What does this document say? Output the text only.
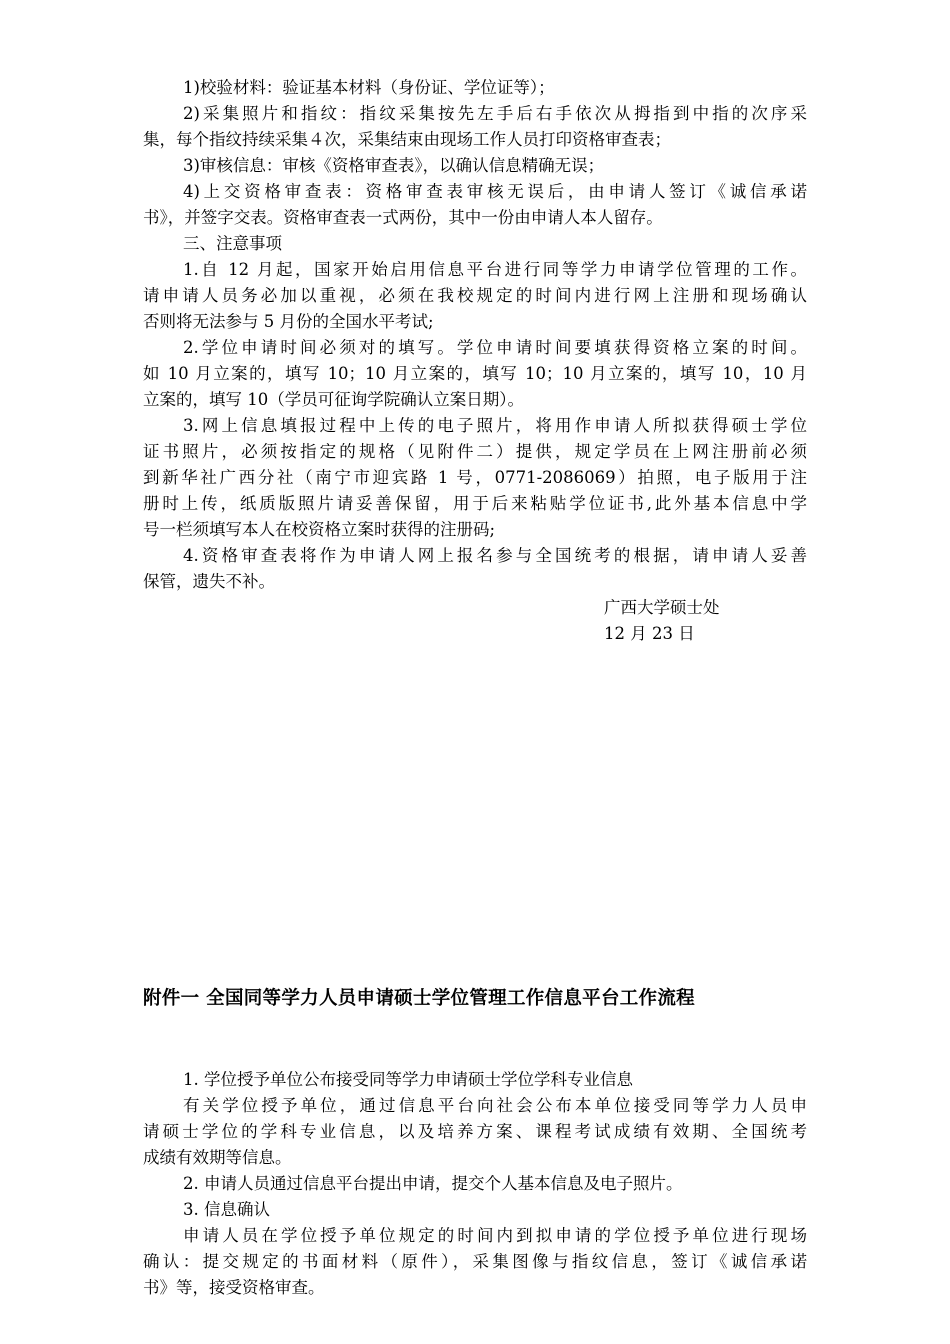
1)校验材料：验证基本材料（身份证、学位证等）；
2)采集照片和指纹：指纹采集按先左手后右手依次从拇指到中指的次序采
集，每个指纹持续采集４次，采集结束由现场工作人员打印资格审查表；
3)审核信息：审核《资格审查表》，以确认信息精确无误；
4)上交资格审查表：资格审查表审核无误后，由申请人签订《诚信承诺
书》，并签字交表。资格审查表一式两份，其中一份由申请人本人留存。
三、注意事项
1.自 12 月起，国家开始启用信息平台进行同等学力申请学位管理的工作。
请申请人员务必加以重视，必须在我校规定的时间内进行网上注册和现场确认
否则将无法参与 5 月份的全国水平考试;
2.学位申请时间必须对的填写。学位申请时间要填获得资格立案的时间。
如 10 月立案的，填写 10；10 月立案的，填写 10；10 月立案的，填写 10，10 月
立案的，填写 10（学员可征询学院确认立案日期）。
3.网上信息填报过程中上传的电子照片，将用作申请人所拟获得硕士学位
证书照片，必须按指定的规格（见附件二）提供，规定学员在上网注册前必须
到新华社广西分社（南宁市迎宾路 1 号，0771-2086069）拍照，电子版用于注
册时上传，纸质版照片请妥善保留，用于后来粘贴学位证书,此外基本信息中学
号一栏须填写本人在校资格立案时获得的注册码;
4.资格审查表将作为申请人网上报名参与全国统考的根据，请申请人妥善
保管，遗失不补。
广西大学硕士处
12 月 23 日
附件一 全国同等学力人员申请硕士学位管理工作信息平台工作流程
1. 学位授予单位公布接受同等学力申请硕士学位学科专业信息
有关学位授予单位，通过信息平台向社会公布本单位接受同等学力人员申
请硕士学位的学科专业信息，以及培养方案、课程考试成绩有效期、全国统考
成绩有效期等信息。
2. 申请人员通过信息平台提出申请，提交个人基本信息及电子照片。
3. 信息确认
申请人员在学位授予单位规定的时间内到拟申请的学位授予单位进行现场
确认：提交规定的书面材料（原件），采集图像与指纹信息，签订《诚信承诺
书》等，接受资格审查。
